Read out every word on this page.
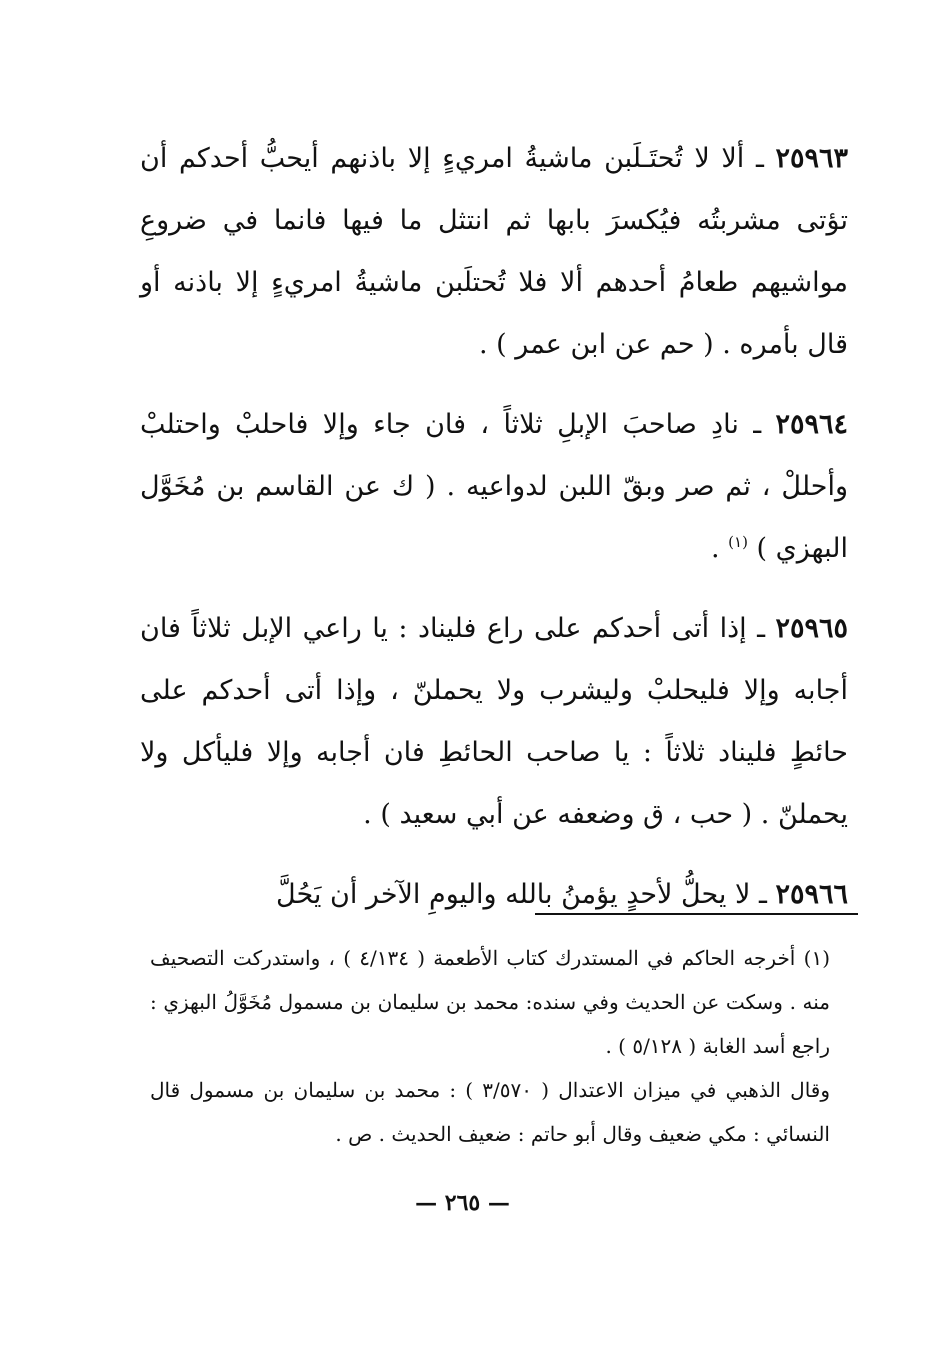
٢٥٩٦٣ ـ ألا لا تُحتَـلَبن ماشيةُ امريءٍ إلا باذنهم أيحبُّ أحدكم أن تؤتى مشربتُه فيُكسرَ بابها ثم انتثل ما فيها فانما في ضروعِ مواشيهم طعامُ أحدهم ألا فلا تُحتلَبن ماشيةُ امريءٍ إلا باذنه أو قال بأمره . ( حم عن ابن عمر ) .

٢٥٩٦٤ ـ نادِ صاحبَ الإبلِ ثلاثاً ، فان جاء وإلا فاحلبْ واحتلبْ وأحللْ ، ثم صر وبقّ اللبن لدواعيه . ( ك عن القاسم بن مُخَوَّل البهزي ) $^{(١)}$ .

٢٥٩٦٥ ـ إذا أتى أحدكم على راع فليناد : يا راعي الإبل ثلاثاً فان أجابه وإلا فليحلبْ وليشرب ولا يحملنّ ، وإذا أتى أحدكم على حائطٍ فليناد ثلاثاً : يا صاحب الحائطِ فان أجابه وإلا فليأكل ولا يحملنّ . ( حب ، ق وضعفه عن أبي سعيد ) .

٢٥٩٦٦ ـ لا يحلُّ لأحدٍ يؤمنُ بالله واليومِ الآخر أن يَحُلَّ

(١) أخرجه الحاكم في المستدرك كتاب الأطعمة ( ٤/١٣٤ ) ، واستدركت التصحيف منه . وسكت عن الحديث وفي سنده: محمد بن سليمان بن مسمول مُخَوَّلُ البهزي : راجع أسد الغابة ( ٥/١٢٨ ) .

وقال الذهبي في ميزان الاعتدال ( ٣/٥٧٠ ) : محمد بن سليمان بن مسمول قال النسائي : مكي ضعيف وقال أبو حاتم : ضعيف الحديث . ص .

— ٢٦٥ —
